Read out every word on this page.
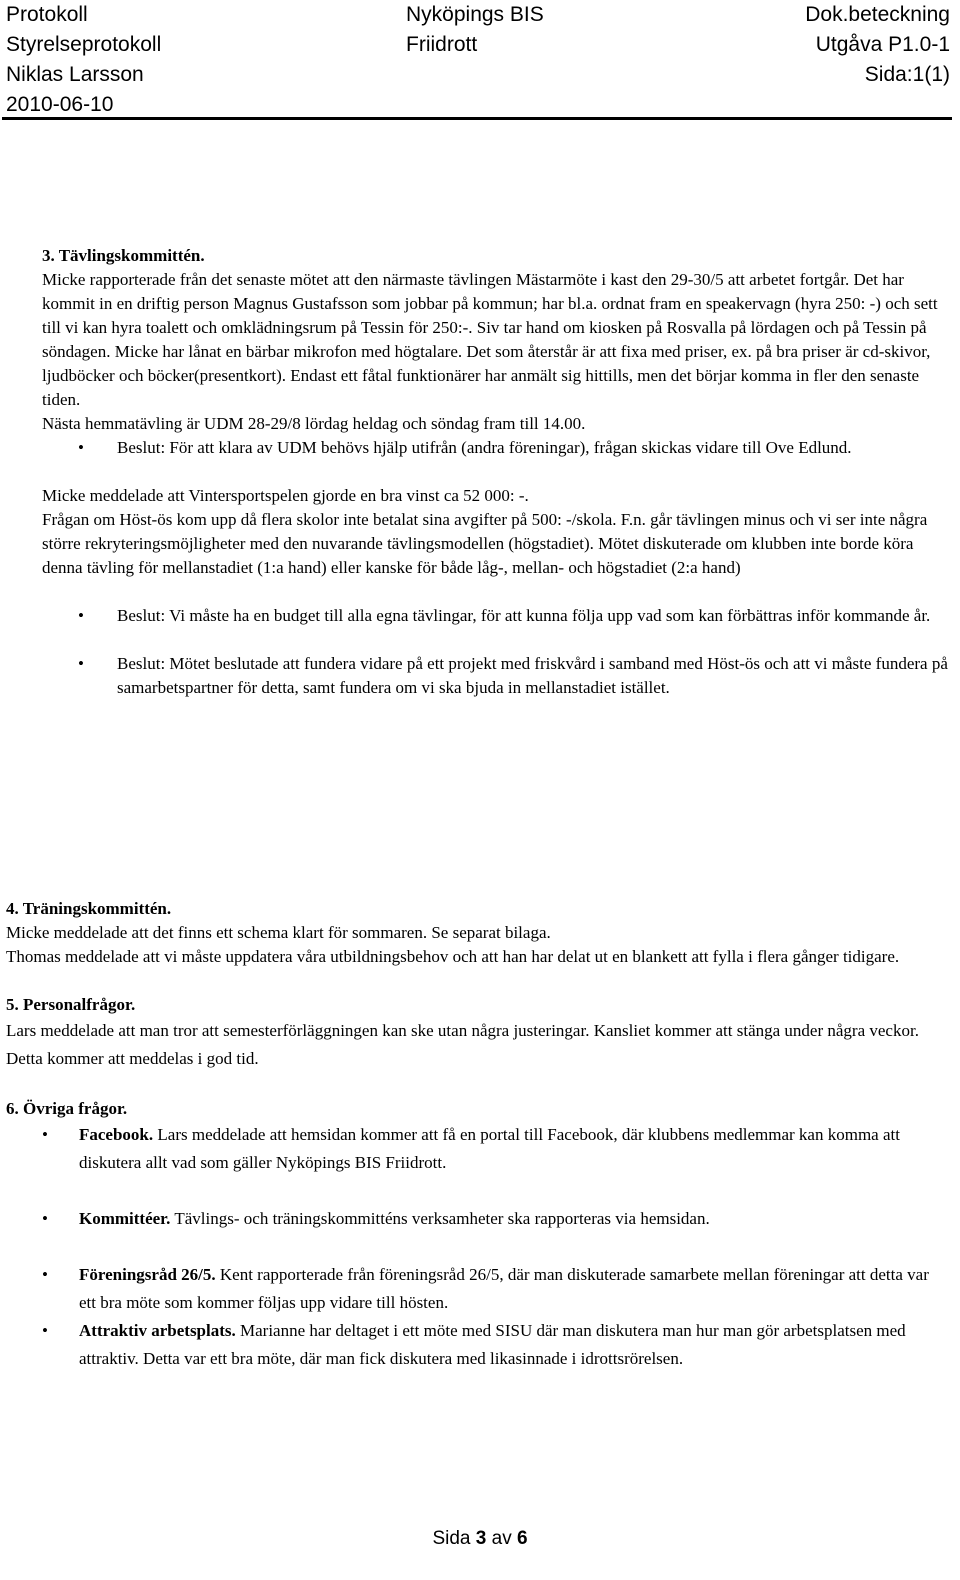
Protokoll
Styrelseprotokoll
Niklas Larsson
2010-06-10
Nyköpings BIS
Friidrott
Dok.beteckning
Utgåva P1.0-1
Sida:1(1)

3. Tävlingskommittén.

Micke rapporterade från det senaste mötet att den närmaste tävlingen Mästarmöte i kast den 29-30/5 att arbetet fortgår. Det har kommit in en driftig person Magnus Gustafsson som jobbar på kommun; har bl.a. ordnat fram en speakervagn (hyra 250: -) och sett till vi kan hyra toalett och omklädningsrum på Tessin för 250:-. Siv tar hand om kiosken på Rosvalla på lördagen och på Tessin på söndagen. Micke har lånat en bärbar mikrofon med högtalare. Det som återstår är att fixa med priser, ex. på bra priser är cd-skivor, ljudböcker och böcker(presentkort). Endast ett fåtal funktionärer har anmält sig hittills, men det börjar komma in fler den senaste tiden.

Nästa hemmatävling är UDM 28-29/8 lördag heldag och söndag fram till 14.00.

• Beslut: För att klara av UDM behövs hjälp utifrån (andra föreningar), frågan skickas vidare till Ove Edlund.

Micke meddelade att Vintersportspelen gjorde en bra vinst ca 52 000: -.

Frågan om Höst-ös kom upp då flera skolor inte betalat sina avgifter på 500: -/skola. F.n. går tävlingen minus och vi ser inte några större rekryteringsmöjligheter med den nuvarande tävlingsmodellen (högstadiet). Mötet diskuterade om klubben inte borde köra denna tävling för mellanstadiet (1:a hand) eller kanske för både låg-, mellan- och högstadiet (2:a hand)

• Beslut: Vi måste ha en budget till alla egna tävlingar, för att kunna följa upp vad som kan förbättras inför kommande år.
• Beslut: Mötet beslutade att fundera vidare på ett projekt med friskvård i samband med Höst-ös och att vi måste fundera på samarbetspartner för detta, samt fundera om vi ska bjuda in mellanstadiet istället.

4. Träningskommittén.

Micke meddelade att det finns ett schema klart för sommaren. Se separat bilaga.

Thomas meddelade att vi måste uppdatera våra utbildningsbehov och att han har delat ut en blankett att fylla i flera gånger tidigare.

5. Personalfrågor.

Lars meddelade att man tror att semesterförläggningen kan ske utan några justeringar. Kansliet kommer att stänga under några veckor. Detta kommer att meddelas i god tid.

6. Övriga frågor.

• Facebook. Lars meddelade att hemsidan kommer att få en portal till Facebook, där klubbens medlemmar kan komma att diskutera allt vad som gäller Nyköpings BIS Friidrott.
• Kommittéer. Tävlings- och träningskommitténs verksamheter ska rapporteras via hemsidan.
• Föreningsråd 26/5. Kent rapporterade från föreningsråd 26/5, där man diskuterade samarbete mellan föreningar att detta var ett bra möte som kommer följas upp vidare till hösten.
• Attraktiv arbetsplats. Marianne har deltaget i ett möte med SISU där man diskutera man hur man gör arbetsplatsen med attraktiv. Detta var ett bra möte, där man fick diskutera med likasinnade i idrottsrörelsen.
Sida 3 av 6
